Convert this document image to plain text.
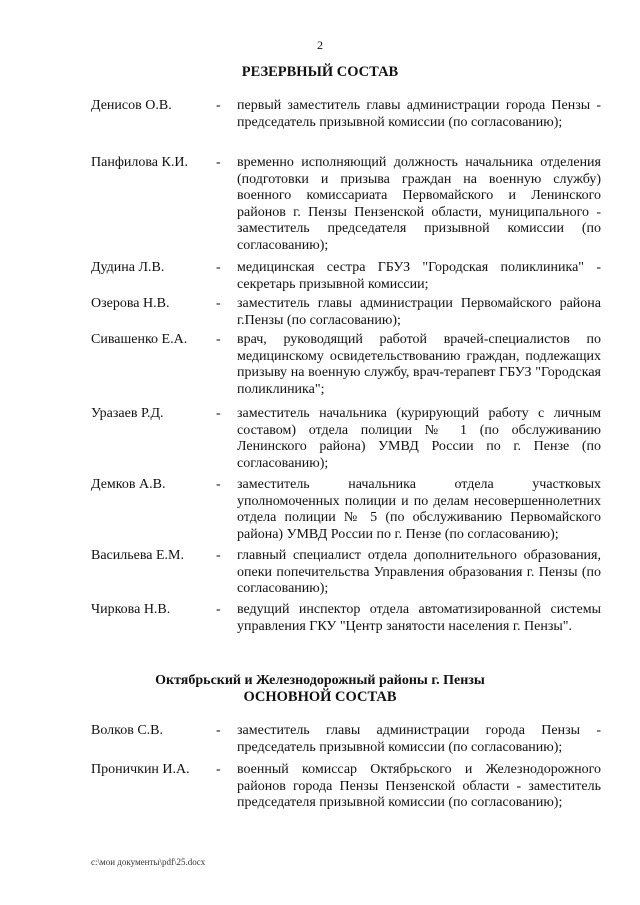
2
РЕЗЕРВНЫЙ СОСТАВ
Денисов О.В.	-	первый заместитель главы администрации города Пензы - председатель призывной комиссии (по согласованию);
Панфилова К.И.	-	временно исполняющий должность начальника отделения (подготовки и призыва граждан на военную службу) военного комиссариата Первомайского и Ленинского районов г. Пензы Пензенской области, муниципального - заместитель председателя призывной комиссии (по согласованию);
Дудина Л.В.	-	медицинская сестра ГБУЗ "Городская поликлиника" - секретарь призывной комиссии;
Озерова Н.В.	-	заместитель главы администрации Первомайского района г.Пензы (по согласованию);
Сивашенко Е.А.	-	врач, руководящий работой врачей-специалистов по медицинскому освидетельствованию граждан, подлежащих призыву на военную службу, врач-терапевт ГБУЗ "Городская поликлиника";
Уразаев Р.Д.	-	заместитель начальника (курирующий работу с личным составом) отдела полиции № 1 (по обслуживанию Ленинского района) УМВД России по г. Пензе (по согласованию);
Демков А.В.	-	заместитель начальника отдела участковых уполномоченных полиции и по делам несовершеннолетних отдела полиции № 5 (по обслуживанию Первомайского района) УМВД России по г. Пензе (по согласованию);
Васильева Е.М.	-	главный специалист отдела дополнительного образования, опеки попечительства Управления образования г. Пензы (по согласованию);
Чиркова Н.В.	-	ведущий инспектор отдела автоматизированной системы управления ГКУ "Центр занятости населения г. Пензы".
Октябрьский и Железнодорожный районы г. Пензы
ОСНОВНОЙ СОСТАВ
Волков С.В.	-	заместитель главы администрации города Пензы - председатель призывной комиссии (по согласованию);
Проничкин И.А.	-	военный комиссар Октябрьского и Железнодорожного районов города Пензы Пензенской области - заместитель председателя призывной комиссии (по согласованию);
c:\мои документы\pdf\25.docx
